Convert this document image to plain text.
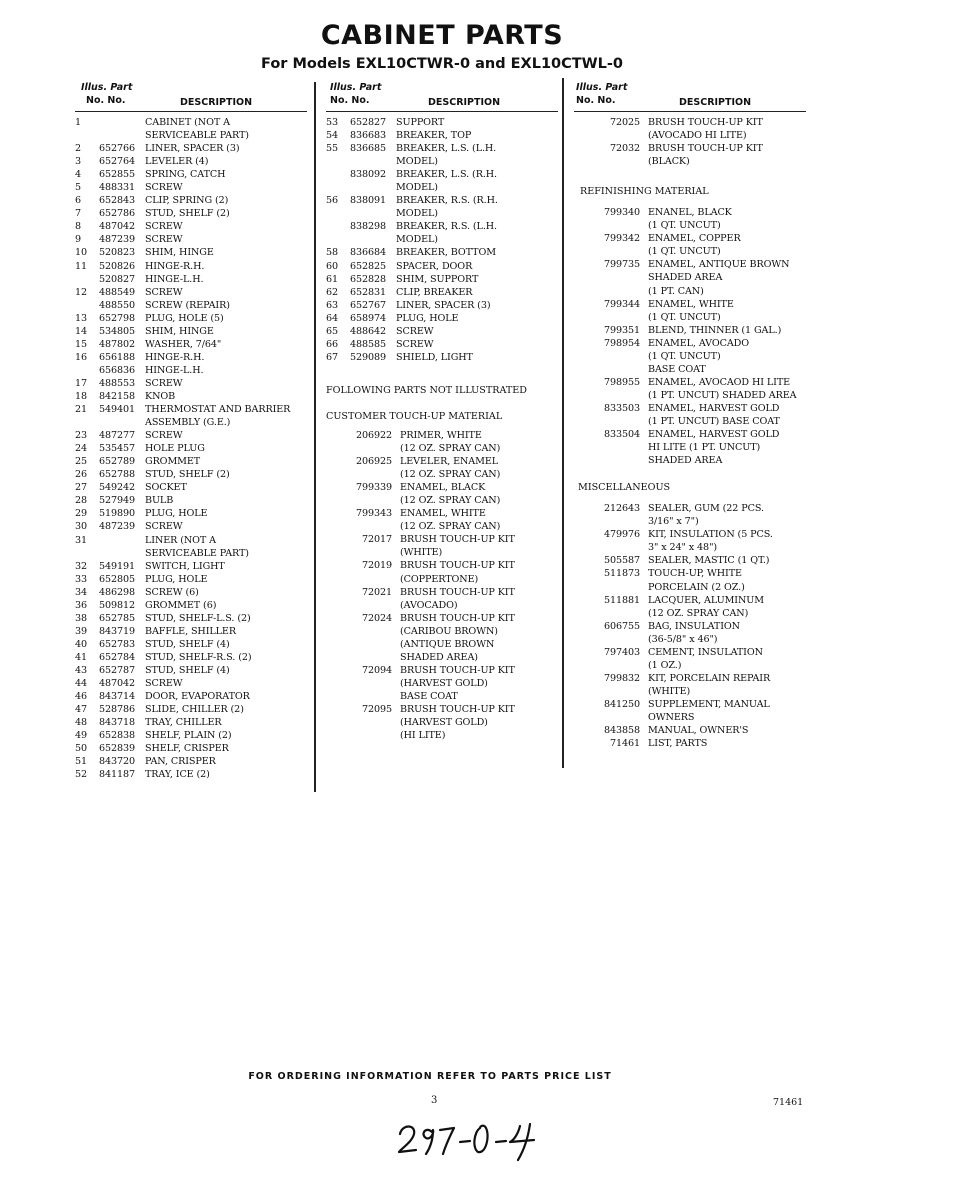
CABINET PARTS
For Models EXL10CTWR-0 and EXL10CTWL-0
Illus. Part
No. No.	DESCRIPTION
1	CABINET (NOT A
SERVICEABLE PART)
2	652766 LINER, SPACER (3)
3	652764 LEVELER (4)
4	652855 SPRING, CATCH
5	488331 SCREW
6	652843 CLIP, SPRING (2)
7	652786 STUD, SHELF (2)
8	487042 SCREW
9	487239 SCREW
10	520823 SHIM, HINGE
11	520826 HINGE-R.H.
520827 HINGE-L.H.
12	488549 SCREW
488550 SCREW (REPAIR)
13	652798 PLUG, HOLE (5)
14	534805 SHIM, HINGE
15	487802 WASHER, 7/64"
16	656188 HINGE-R.H.
656836 HINGE-L.H.
17	488553 SCREW
18	842158 KNOB
21	549401 THERMOSTAT AND BARRIER
ASSEMBLY (G.E.)
23	487277 SCREW
24	535457 HOLE PLUG
25	652789 GROMMET
26	652788 STUD, SHELF (2)
27	549242 SOCKET
28	527949 BULB
29	519890 PLUG, HOLE
30	487239 SCREW
31	LINER (NOT A
SERVICEABLE PART)
32	549191 SWITCH, LIGHT
33	652805 PLUG, HOLE
34	486298 SCREW (6)
36	509812 GROMMET (6)
38	652785 STUD, SHELF-L.S. (2)
39	843719 BAFFLE, SHILLER
40	652783 STUD, SHELF (4)
41	652784 STUD, SHELF-R.S. (2)
43	652787 STUD, SHELF (4)
44	487042 SCREW
46	843714 DOOR, EVAPORATOR
47	528786 SLIDE, CHILLER (2)
48	843718 TRAY, CHILLER
49	652838 SHELF, PLAIN (2)
50	652839 SHELF, CRISPER
51	843720 PAN, CRISPER
52	841187 TRAY, ICE (2)
Illus. Part
No. No.	DESCRIPTION
53	652827 SUPPORT
54	836683 BREAKER, TOP
55	836685 BREAKER, L.S. (L.H.
MODEL)
838092 BREAKER, L.S. (R.H.
MODEL)
56	838091 BREAKER, R.S. (R.H.
MODEL)
838298 BREAKER, R.S. (L.H.
MODEL)
58	836684 BREAKER, BOTTOM
60	652825 SPACER, DOOR
61	652828 SHIM, SUPPORT
62	652831 CLIP, BREAKER
63	652767 LINER, SPACER (3)
64	658974 PLUG, HOLE
65	488642 SCREW
66	488585 SCREW
67	529089 SHIELD, LIGHT
FOLLOWING PARTS NOT ILLUSTRATED
CUSTOMER TOUCH-UP MATERIAL
206922 PRIMER, WHITE
(12 OZ. SPRAY CAN)
206925 LEVELER, ENAMEL
(12 OZ. SPRAY CAN)
799339 ENAMEL, BLACK
(12 OZ. SPRAY CAN)
799343 ENAMEL, WHITE
(12 OZ. SPRAY CAN)
72017 BRUSH TOUCH-UP KIT
(WHITE)
72019 BRUSH TOUCH-UP KIT
(COPPERTONE)
72021 BRUSH TOUCH-UP KIT
(AVOCADO)
72024 BRUSH TOUCH-UP KIT
(CARIBOU BROWN)
(ANTIQUE BROWN
SHADED AREA)
72094 BRUSH TOUCH-UP KIT
(HARVEST GOLD)
BASE COAT
72095 BRUSH TOUCH-UP KIT
(HARVEST GOLD)
(HI LITE)
Illus. Part
No. No.	DESCRIPTION
72025 BRUSH TOUCH-UP KIT
(AVOCADO HI LITE)
72032 BRUSH TOUCH-UP KIT
(BLACK)
REFINISHING MATERIAL
799340 ENANEL, BLACK
(1 QT. UNCUT)
799342 ENAMEL, COPPER
(1 QT. UNCUT)
799735 ENAMEL, ANTIQUE BROWN
SHADED AREA
(1 PT. CAN)
799344 ENAMEL, WHITE
(1 QT. UNCUT)
799351 BLEND, THINNER (1 GAL.)
798954 ENAMEL, AVOCADO
(1 QT. UNCUT)
BASE COAT
798955 ENAMEL, AVOCAOD HI LITE
(1 PT. UNCUT) SHADED AREA
833503 ENAMEL, HARVEST GOLD
(1 PT. UNCUT) BASE COAT
833504 ENAMEL, HARVEST GOLD
HI LITE (1 PT. UNCUT)
SHADED AREA
MISCELLANEOUS
212643 SEALER, GUM (22 PCS.
3/16" x 7")
479976 KIT, INSULATION (5 PCS.
3" x 24" x 48")
505587 SEALER, MASTIC (1 QT.)
511873 TOUCH-UP, WHITE
PORCELAIN (2 OZ.)
511881 LACQUER, ALUMINUM
(12 OZ. SPRAY CAN)
606755 BAG, INSULATION
(36-5/8" x 46")
797403 CEMENT, INSULATION
(1 OZ.)
799832 KIT, PORCELAIN REPAIR
(WHITE)
841250 SUPPLEMENT, MANUAL
OWNERS
843858 MANUAL, OWNER'S
71461 LIST, PARTS
FOR ORDERING INFORMATION REFER TO PARTS PRICE LIST
3	71461
